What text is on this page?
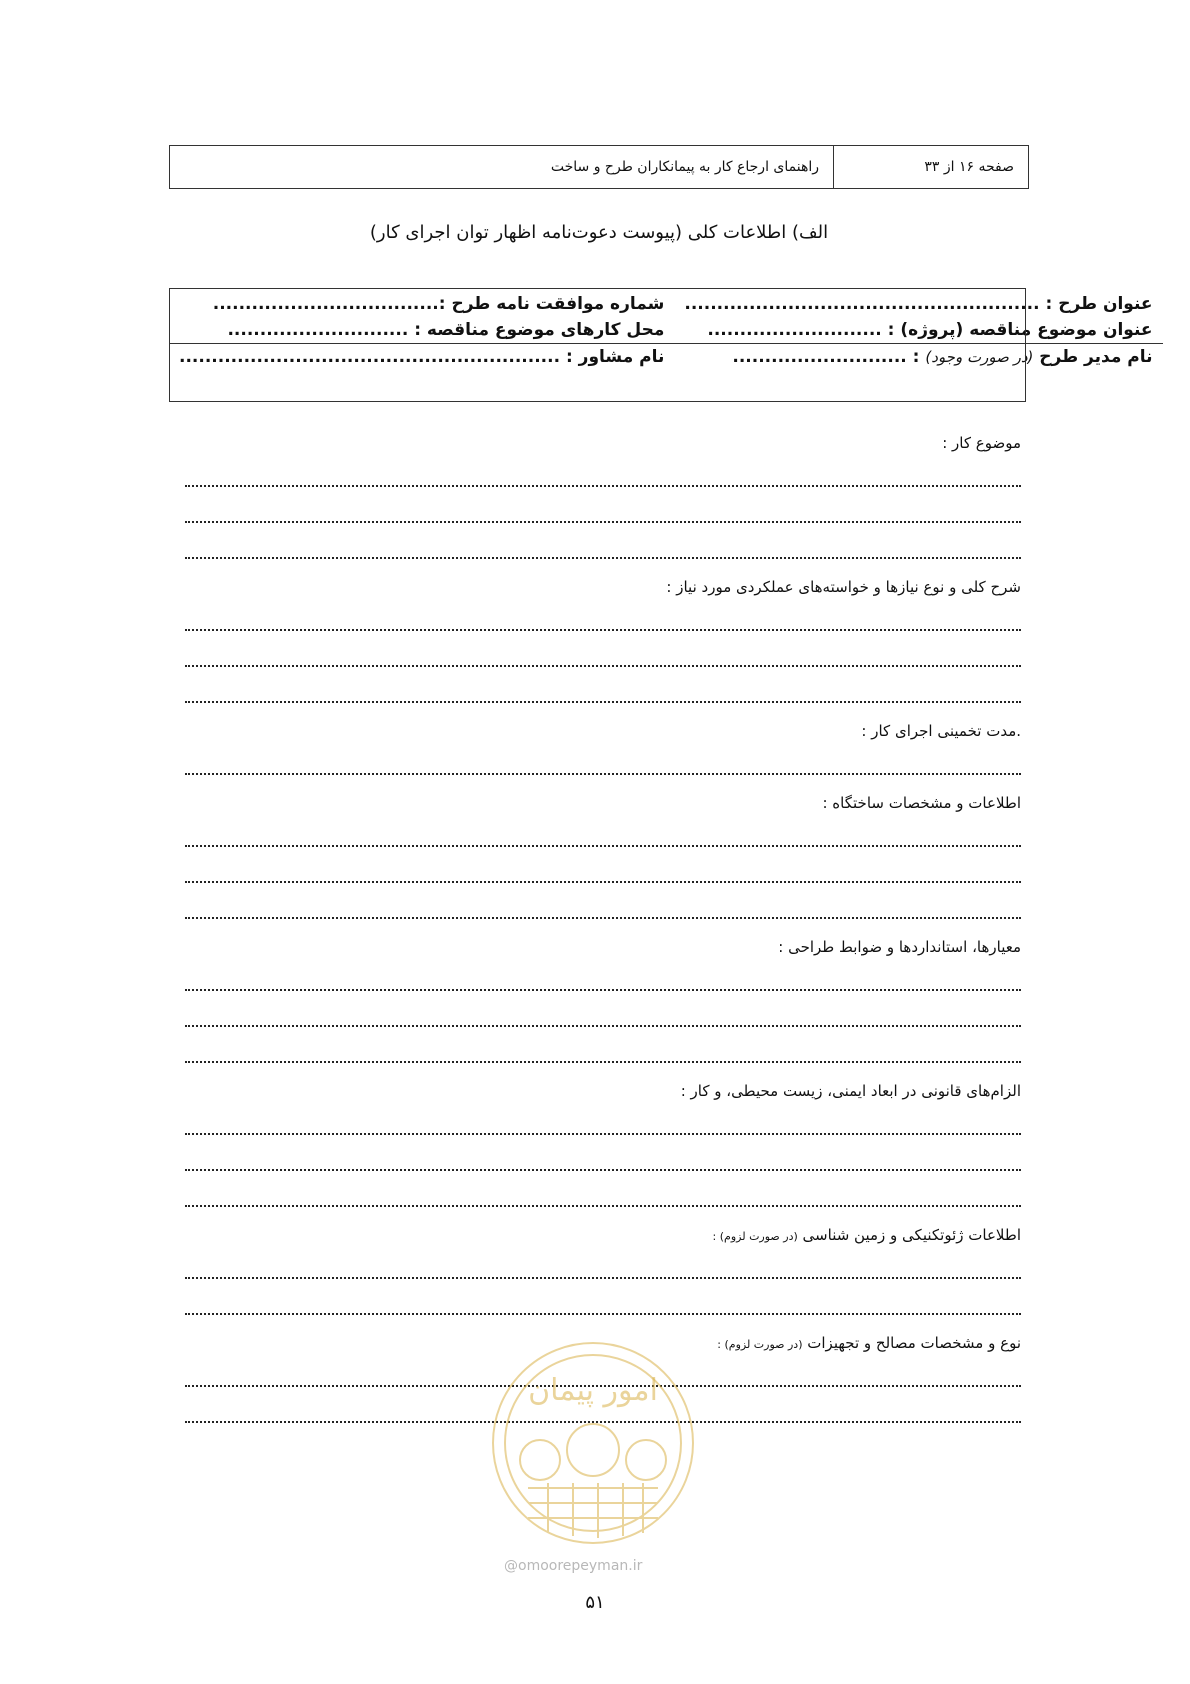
صفحه ۱۶ از ۳۳
راهنمای ارجاع کار به پیمانکاران طرح و ساخت
الف) اطلاعات کلی (پیوست دعوت‌نامه اظهار توان اجرای کار)
عنوان طرح : .......................................................	شماره موافقت نامه طرح :...................................
عنوان موضوع مناقصه (پروژه) : ...........................	محل کارهای موضوع مناقصه : ............................
نام مدیر طرح (در صورت وجود) : ...........................	نام مشاور : ...........................................................
موضوع کار :
شرح کلی و نوع نیازها و خواسته‌های عملکردی مورد نیاز :
.مدت تخمینی اجرای کار :
اطلاعات و مشخصات ساختگاه :
معیارها، استانداردها و ضوابط طراحی :
الزام‌های قانونی در ابعاد ایمنی، زیست محیطی، و کار :
اطلاعات ژئوتکنیکی و زمین شناسی (در صورت لزوم) :
نوع و مشخصات مصالح و تجهیزات (در صورت لزوم) :
امور پیمان
@omoorepeyman.ir
۵۱
